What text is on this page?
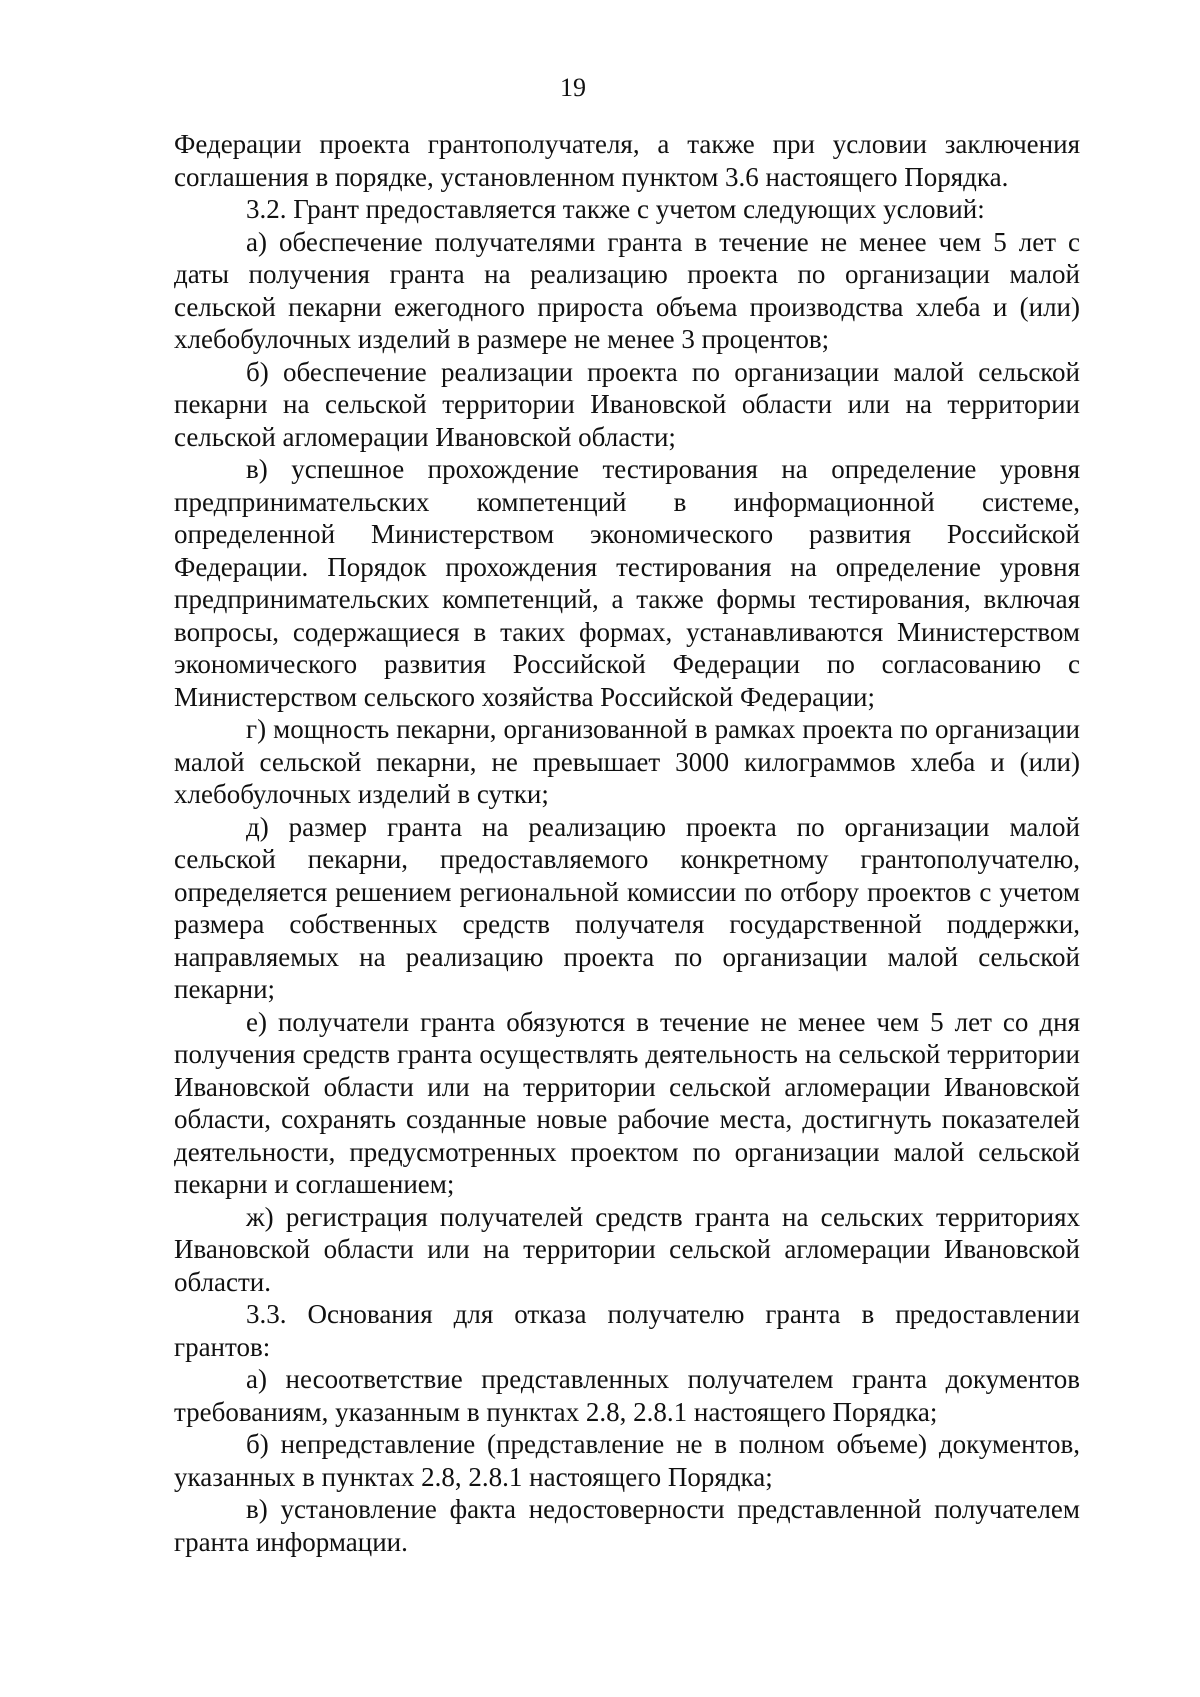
19

Федерации проекта грантополучателя, а также при условии заключения соглашения в порядке, установленном пунктом 3.6 настоящего Порядка.

3.2. Грант предоставляется также с учетом следующих условий:

а) обеспечение получателями гранта в течение не менее чем 5 лет с даты получения гранта на реализацию проекта по организации малой сельской пекарни ежегодного прироста объема производства хлеба и (или) хлебобулочных изделий в размере не менее 3 процентов;

б) обеспечение реализации проекта по организации малой сельской пекарни на сельской территории Ивановской области или на территории сельской агломерации Ивановской области;

в) успешное прохождение тестирования на определение уровня предпринимательских компетенций в информационной системе, определенной Министерством экономического развития Российской Федерации. Порядок прохождения тестирования на определение уровня предпринимательских компетенций, а также формы тестирования, включая вопросы, содержащиеся в таких формах, устанавливаются Министерством экономического развития Российской Федерации по согласованию с Министерством сельского хозяйства Российской Федерации;

г) мощность пекарни, организованной в рамках проекта по организации малой сельской пекарни, не превышает 3000 килограммов хлеба и (или) хлебобулочных изделий в сутки;

д) размер гранта на реализацию проекта по организации малой сельской пекарни, предоставляемого конкретному грантополучателю, определяется решением региональной комиссии по отбору проектов с учетом размера собственных средств получателя государственной поддержки, направляемых на реализацию проекта по организации малой сельской пекарни;

е) получатели гранта обязуются в течение не менее чем 5 лет со дня получения средств гранта осуществлять деятельность на сельской территории Ивановской области или на территории сельской агломерации Ивановской области, сохранять созданные новые рабочие места, достигнуть показателей деятельности, предусмотренных проектом по организации малой сельской пекарни и соглашением;

ж) регистрация получателей средств гранта на сельских территориях Ивановской области или на территории сельской агломерации Ивановской области.

3.3. Основания для отказа получателю гранта в предоставлении грантов:

а) несоответствие представленных получателем гранта документов требованиям, указанным в пунктах 2.8, 2.8.1 настоящего Порядка;

б) непредставление (представление не в полном объеме) документов, указанных в пунктах 2.8, 2.8.1 настоящего Порядка;

в) установление факта недостоверности представленной получателем гранта информации.
